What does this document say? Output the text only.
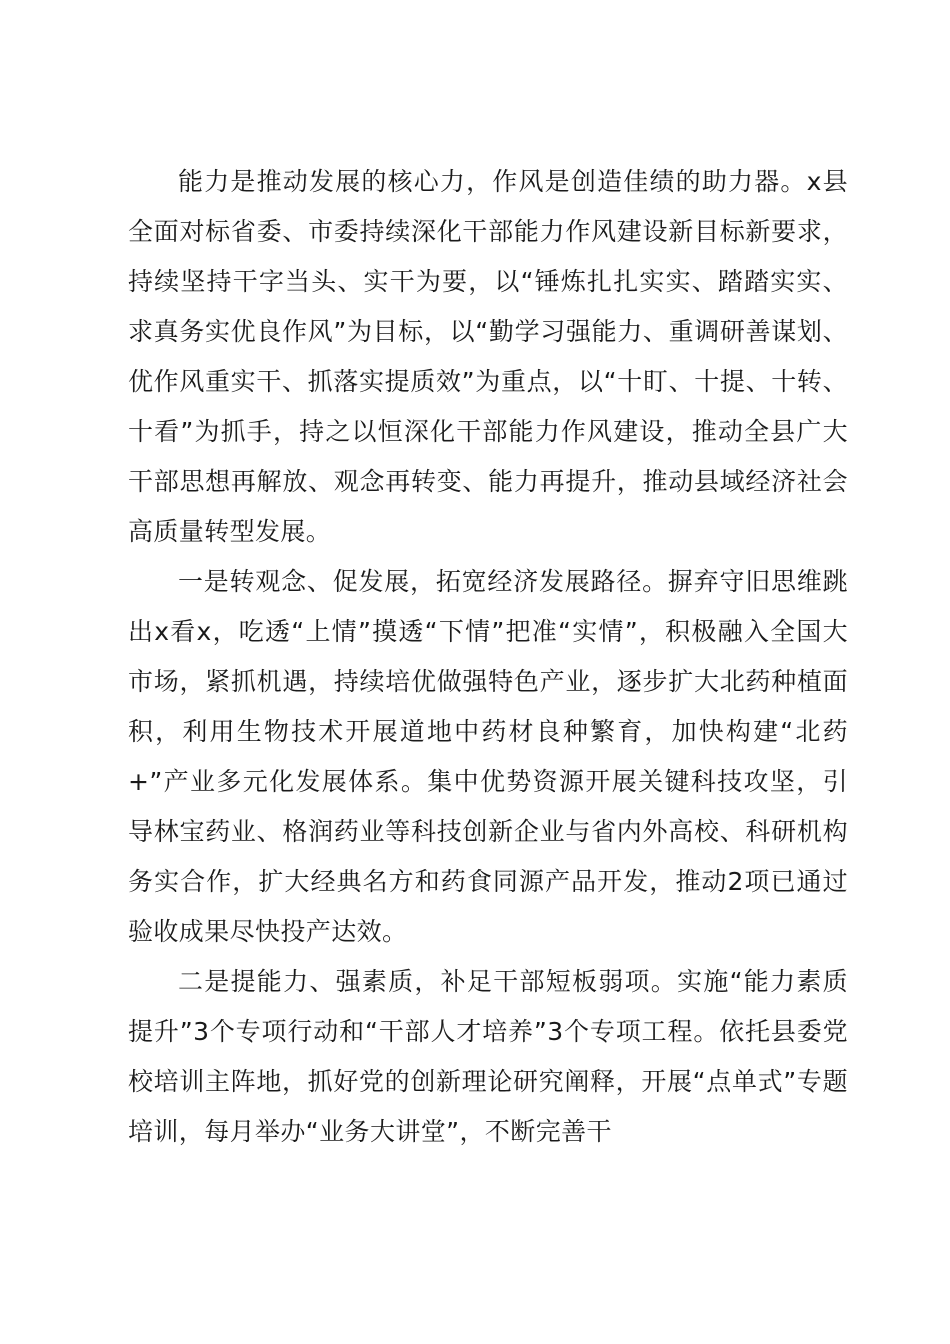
能力是推动发展的核心力，作风是创造佳绩的助力器。x县全面对标省委、市委持续深化干部能力作风建设新目标新要求，持续坚持干字当头、实干为要，以“锤炼扎扎实实、踏踏实实、求真务实优良作风”为目标，以“勤学习强能力、重调研善谋划、优作风重实干、抓落实提质效”为重点，以“十盯、十提、十转、十看”为抓手，持之以恒深化干部能力作风建设，推动全县广大干部思想再解放、观念再转变、能力再提升，推动县域经济社会高质量转型发展。

一是转观念、促发展，拓宽经济发展路径。摒弃守旧思维跳出x看x，吃透“上情”摸透“下情”把准“实情”，积极融入全国大市场，紧抓机遇，持续培优做强特色产业，逐步扩大北药种植面积，利用生物技术开展道地中药材良种繁育，加快构建“北药+”产业多元化发展体系。集中优势资源开展关键科技攻坚，引导林宝药业、格润药业等科技创新企业与省内外高校、科研机构务实合作，扩大经典名方和药食同源产品开发，推动2项已通过验收成果尽快投产达效。

二是提能力、强素质，补足干部短板弱项。实施“能力素质提升”3个专项行动和“干部人才培养”3个专项工程。依托县委党校培训主阵地，抓好党的创新理论研究阐释，开展“点单式”专题培训，每月举办“业务大讲堂”，不断完善干
